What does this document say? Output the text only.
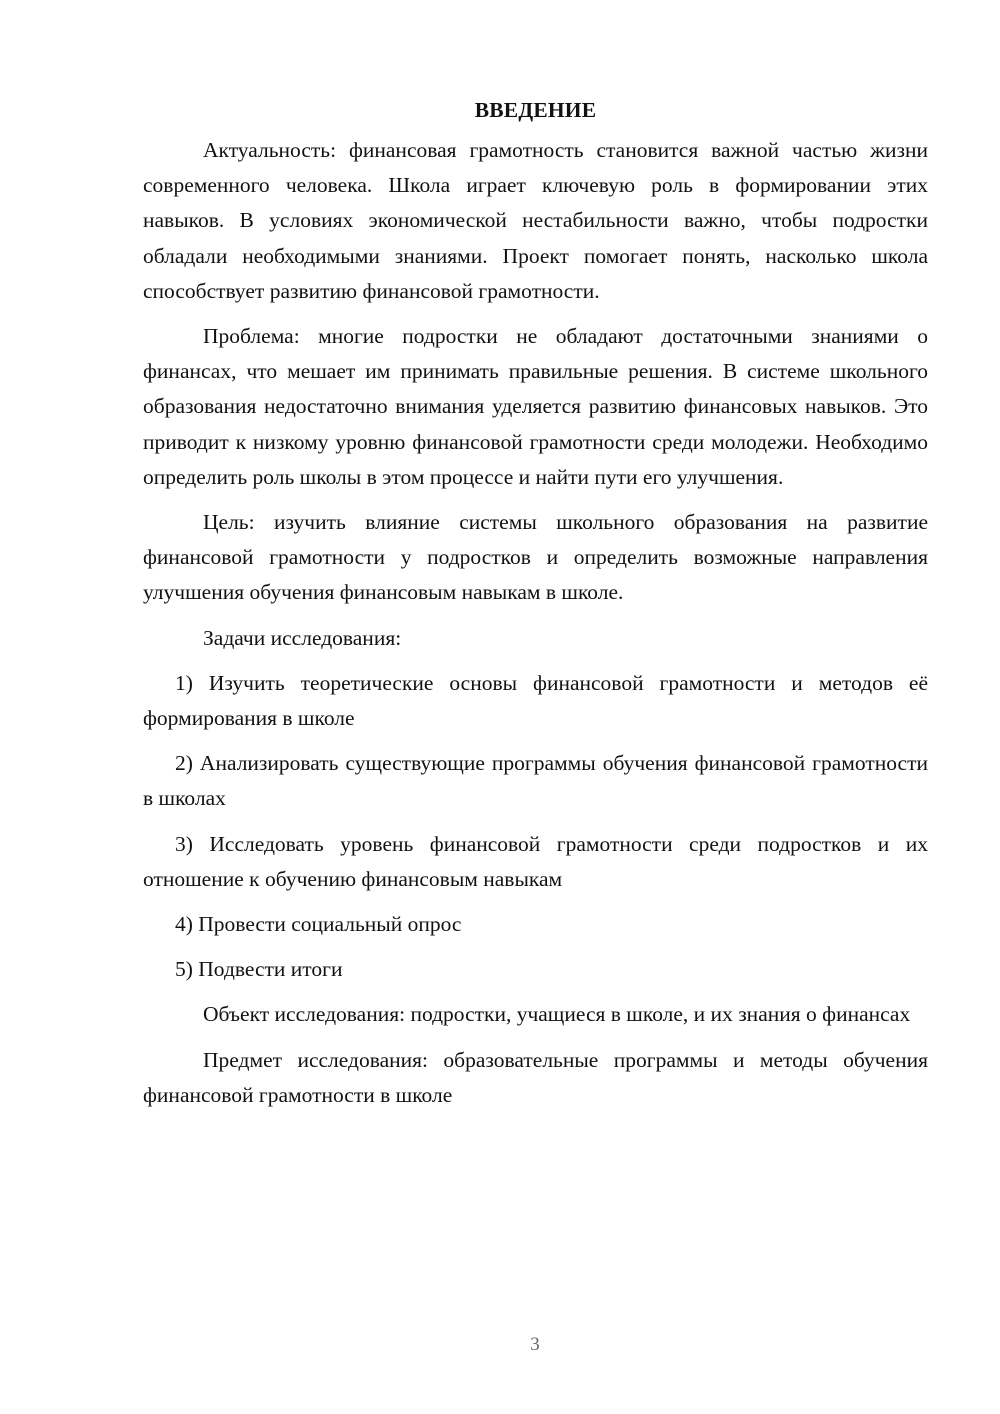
ВВЕДЕНИЕ

Актуальность: финансовая грамотность становится важной частью жизни современного человека. Школа играет ключевую роль в формировании этих навыков. В условиях экономической нестабильности важно, чтобы подростки обладали необходимыми знаниями. Проект помогает понять, насколько школа способствует развитию финансовой грамотности.

Проблема: многие подростки не обладают достаточными знаниями о финансах, что мешает им принимать правильные решения. В системе школьного образования недостаточно внимания уделяется развитию финансовых навыков. Это приводит к низкому уровню финансовой грамотности среди молодежи. Необходимо определить роль школы в этом процессе и найти пути его улучшения.

Цель: изучить влияние системы школьного образования на развитие финансовой грамотности у подростков и определить возможные направления улучшения обучения финансовым навыкам в школе.

Задачи исследования:

1) Изучить теоретические основы финансовой грамотности и методов её формирования в школе

2) Анализировать существующие программы обучения финансовой грамотности в школах

3) Исследовать уровень финансовой грамотности среди подростков и их отношение к обучению финансовым навыкам

4) Провести социальный опрос

5) Подвести итоги

Объект исследования: подростки, учащиеся в школе, и их знания о финансах

Предмет исследования: образовательные программы и методы обучения финансовой грамотности в школе

3
